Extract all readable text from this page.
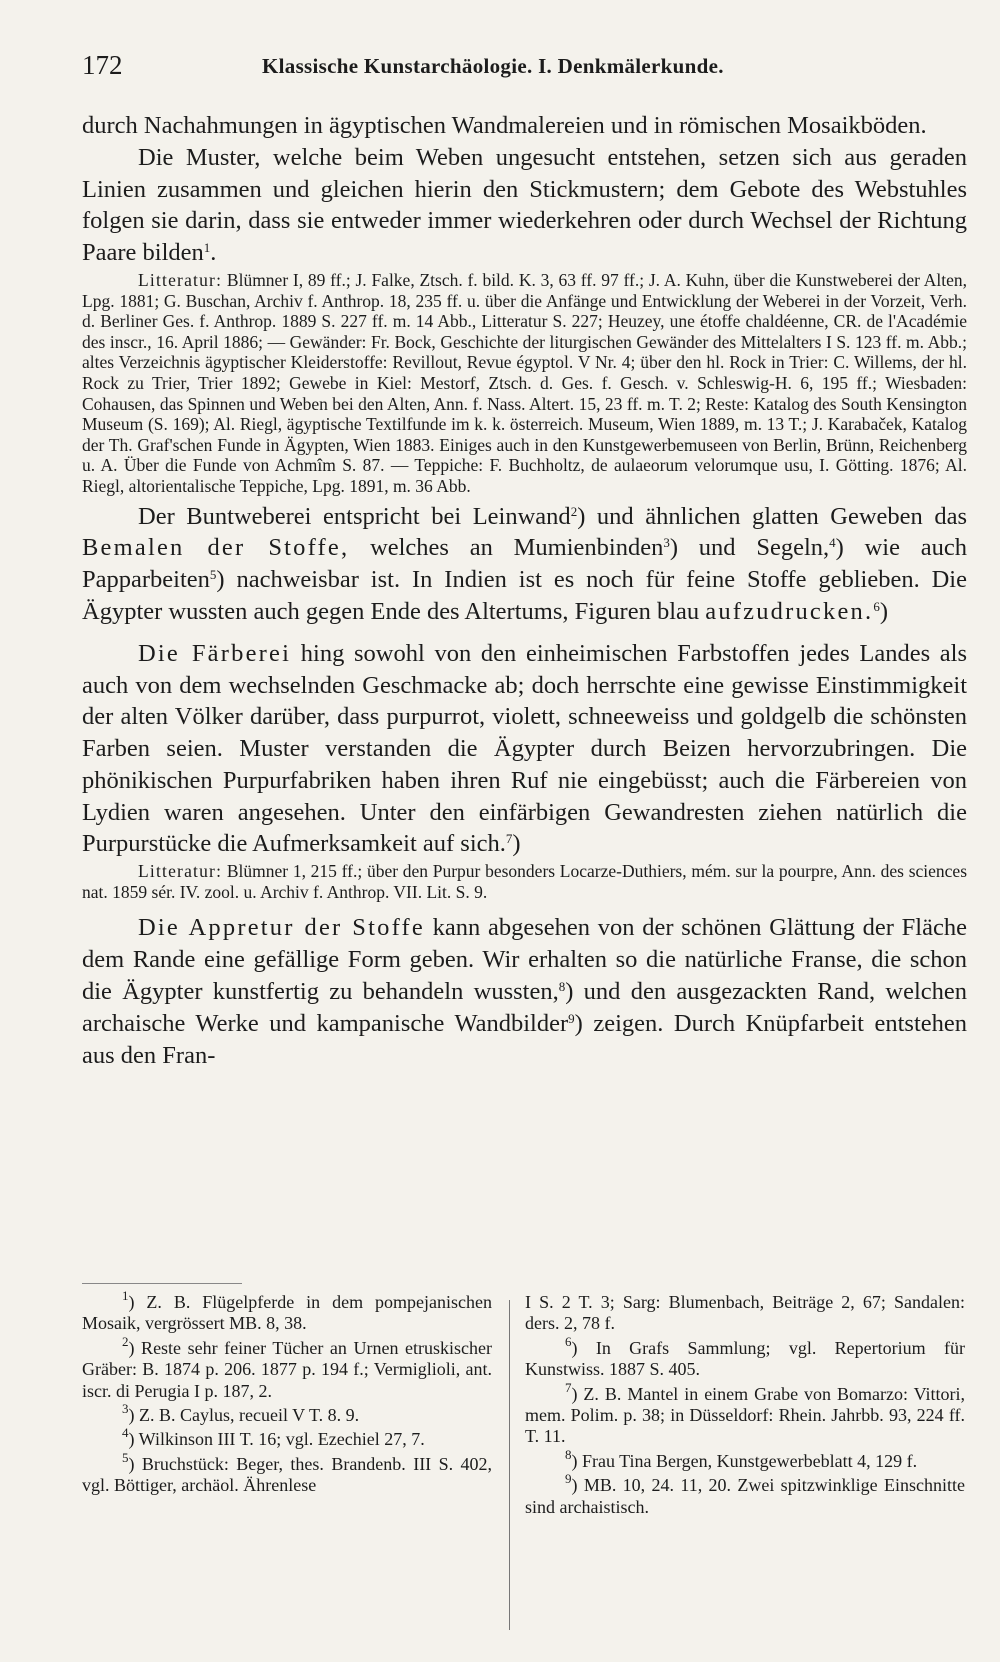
172	Klassische Kunstarchäologie. I. Denkmälerkunde.

durch Nachahmungen in ägyptischen Wandmalereien und in römischen Mosaikböden.

Die Muster, welche beim Weben ungesucht entstehen, setzen sich aus geraden Linien zusammen und gleichen hierin den Stickmustern; dem Gebote des Webstuhles folgen sie darin, dass sie entweder immer wiederkehren oder durch Wechsel der Richtung Paare bilden$^1$.

Litteratur: Blümner I, 89 ff.; J. Falke, Ztsch. f. bild. K. 3, 63 ff. 97 ff.; J. A. Kuhn, über die Kunstweberei der Alten, Lpg. 1881; G. Buschan, Archiv f. Anthrop. 18, 235 ff. u. über die Anfänge und Entwicklung der Weberei in der Vorzeit, Verh. d. Berliner Ges. f. Anthrop. 1889 S. 227 ff. m. 14 Abb., Litteratur S. 227; Heuzey, une étoffe chaldéenne, CR. de l'Académie des inscr., 16. April 1886; — Gewänder: Fr. Bock, Geschichte der liturgischen Gewänder des Mittelalters I S. 123 ff. m. Abb.; altes Verzeichnis ägyptischer Kleiderstoffe: Revillout, Revue égyptol. V Nr. 4; über den hl. Rock in Trier: C. Willems, der hl. Rock zu Trier, Trier 1892; Gewebe in Kiel: Mestorf, Ztsch. d. Ges. f. Gesch. v. Schleswig-H. 6, 195 ff.; Wiesbaden: Cohausen, das Spinnen und Weben bei den Alten, Ann. f. Nass. Altert. 15, 23 ff. m. T. 2; Reste: Katalog des South Kensington Museum (S. 169); Al. Riegl, ägyptische Textilfunde im k. k. österreich. Museum, Wien 1889, m. 13 T.; J. Karabaček, Katalog der Th. Graf'schen Funde in Ägypten, Wien 1883. Einiges auch in den Kunstgewerbemuseen von Berlin, Brünn, Reichenberg u. A. Über die Funde von Achmîm S. 87. — Teppiche: F. Buchholtz, de aulaeorum velorumque usu, I. Götting. 1876; Al. Riegl, altorientalische Teppiche, Lpg. 1891, m. 36 Abb.

Der Buntweberei entspricht bei Leinwand$^2$) und ähnlichen glatten Geweben das Bemalen der Stoffe, welches an Mumienbinden$^3$) und Segeln,$^4$) wie auch Papparbeiten$^5$) nachweisbar ist. In Indien ist es noch für feine Stoffe geblieben. Die Ägypter wussten auch gegen Ende des Altertums, Figuren blau aufzudrucken.$^6$)

Die Färberei hing sowohl von den einheimischen Farbstoffen jedes Landes als auch von dem wechselnden Geschmacke ab; doch herrschte eine gewisse Einstimmigkeit der alten Völker darüber, dass purpurrot, violett, schneeweiss und goldgelb die schönsten Farben seien. Muster verstanden die Ägypter durch Beizen hervorzubringen. Die phönikischen Purpurfabriken haben ihren Ruf nie eingebüsst; auch die Färbereien von Lydien waren angesehen. Unter den einfärbigen Gewandresten ziehen natürlich die Purpurstücke die Aufmerksamkeit auf sich.$^7$)

Litteratur: Blümner 1, 215 ff.; über den Purpur besonders Locarze-Duthiers, mém. sur la pourpre, Ann. des sciences nat. 1859 sér. IV. zool. u. Archiv f. Anthrop. VII. Lit. S. 9.

Die Appretur der Stoffe kann abgesehen von der schönen Glättung der Fläche dem Rande eine gefällige Form geben. Wir erhalten so die natürliche Franse, die schon die Ägypter kunstfertig zu behandeln wussten,$^8$) und den ausgezackten Rand, welchen archaische Werke und kampanische Wandbilder$^9$) zeigen. Durch Knüpfarbeit entstehen aus den Fran-

$^1$) Z. B. Flügelpferde in dem pompejanischen Mosaik, vergrössert MB. 8, 38.

$^2$) Reste sehr feiner Tücher an Urnen etruskischer Gräber: B. 1874 p. 206. 1877 p. 194 f.; Vermiglioli, ant. iscr. di Perugia I p. 187, 2.

$^3$) Z. B. Caylus, recueil V T. 8. 9.

$^4$) Wilkinson III T. 16; vgl. Ezechiel 27, 7.

$^5$) Bruchstück: Beger, thes. Brandenb. III S. 402, vgl. Böttiger, archäol. Ährenlese

I S. 2 T. 3; Sarg: Blumenbach, Beiträge 2, 67; Sandalen: ders. 2, 78 f.

$^6$) In Grafs Sammlung; vgl. Repertorium für Kunstwiss. 1887 S. 405.

$^7$) Z. B. Mantel in einem Grabe von Bomarzo: Vittori, mem. Polim. p. 38; in Düsseldorf: Rhein. Jahrbb. 93, 224 ff. T. 11.

$^8$) Frau Tina Bergen, Kunstgewerbeblatt 4, 129 f.

$^9$) MB. 10, 24. 11, 20. Zwei spitzwinklige Einschnitte sind archaistisch.
